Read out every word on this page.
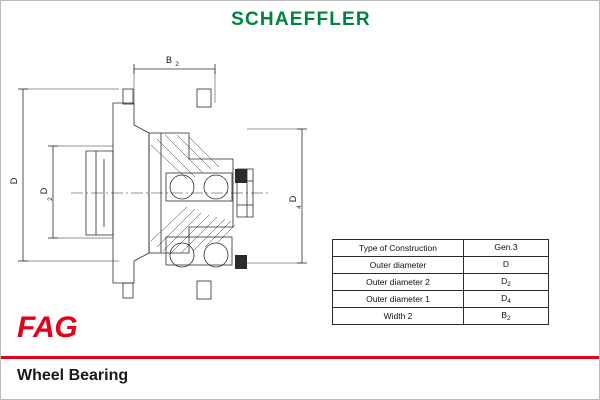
SCHAEFFLER
D
D
2
B 2
D
4
Type of Construction	Gen.3
Outer diameter	D
Outer diameter 2	$D_2$
Outer diameter 1	$D_4$
Width 2	$B_2$
FAG
Wheel Bearing
